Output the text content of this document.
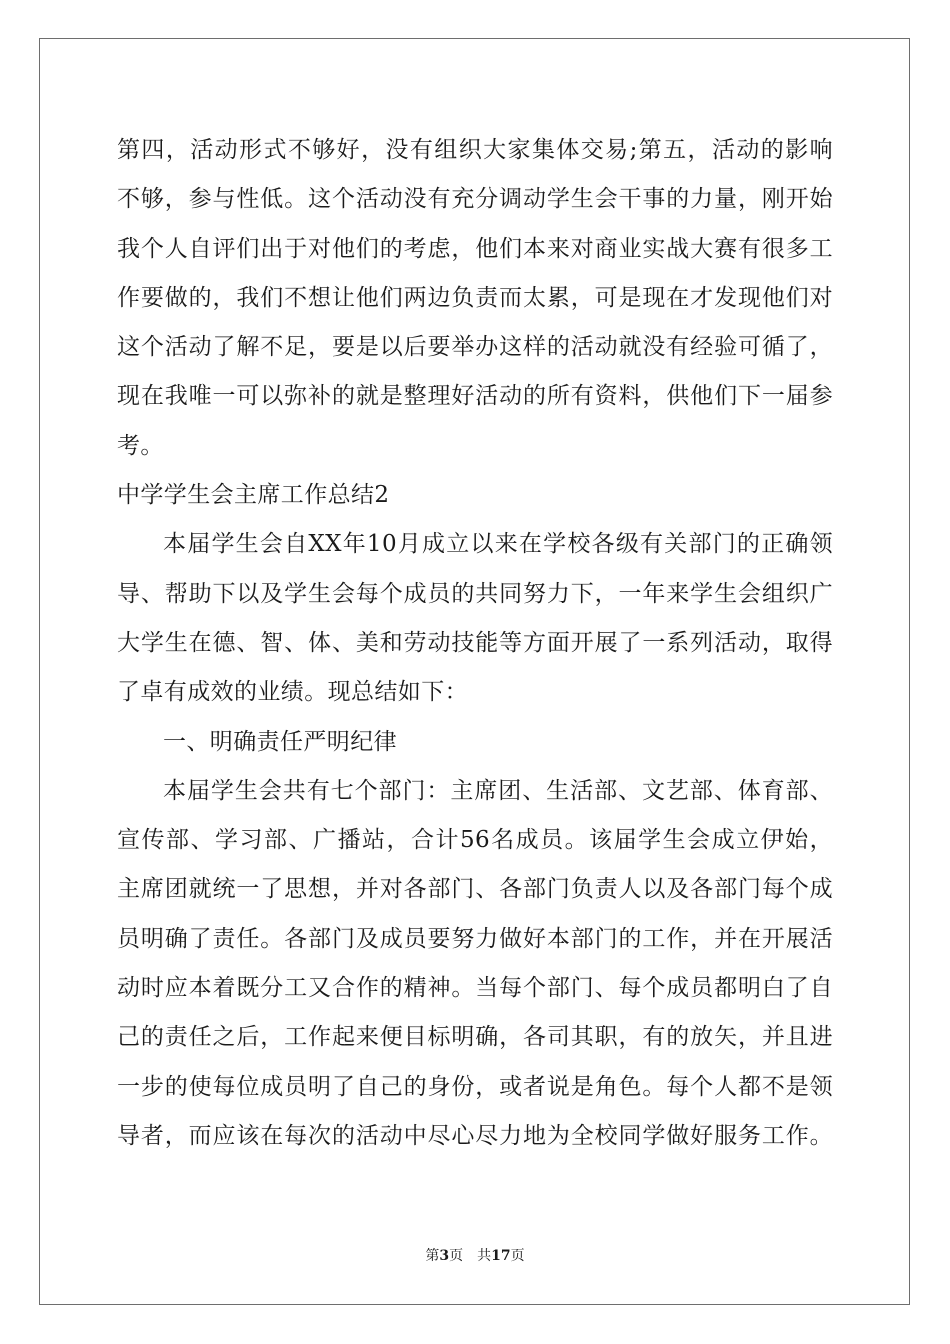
第四，活动形式不够好，没有组织大家集体交易;第五，活动的影响
不够，参与性低。这个活动没有充分调动学生会干事的力量，刚开始
我个人自评们出于对他们的考虑，他们本来对商业实战大赛有很多工
作要做的，我们不想让他们两边负责而太累，可是现在才发现他们对
这个活动了解不足，要是以后要举办这样的活动就没有经验可循了，
现在我唯一可以弥补的就是整理好活动的所有资料，供他们下一届参
考。
中学学生会主席工作总结2
本届学生会自XX年10月成立以来在学校各级有关部门的正确领
导、帮助下以及学生会每个成员的共同努力下，一年来学生会组织广
大学生在德、智、体、美和劳动技能等方面开展了一系列活动，取得
了卓有成效的业绩。现总结如下：
一、明确责任严明纪律
本届学生会共有七个部门：主席团、生活部、文艺部、体育部、
宣传部、学习部、广播站，合计56名成员。该届学生会成立伊始，
主席团就统一了思想，并对各部门、各部门负责人以及各部门每个成
员明确了责任。各部门及成员要努力做好本部门的工作，并在开展活
动时应本着既分工又合作的精神。当每个部门、每个成员都明白了自
己的责任之后，工作起来便目标明确，各司其职，有的放矢，并且进
一步的使每位成员明了自己的身份，或者说是角色。每个人都不是领
导者，而应该在每次的活动中尽心尽力地为全校同学做好服务工作。
第3页 共17页
